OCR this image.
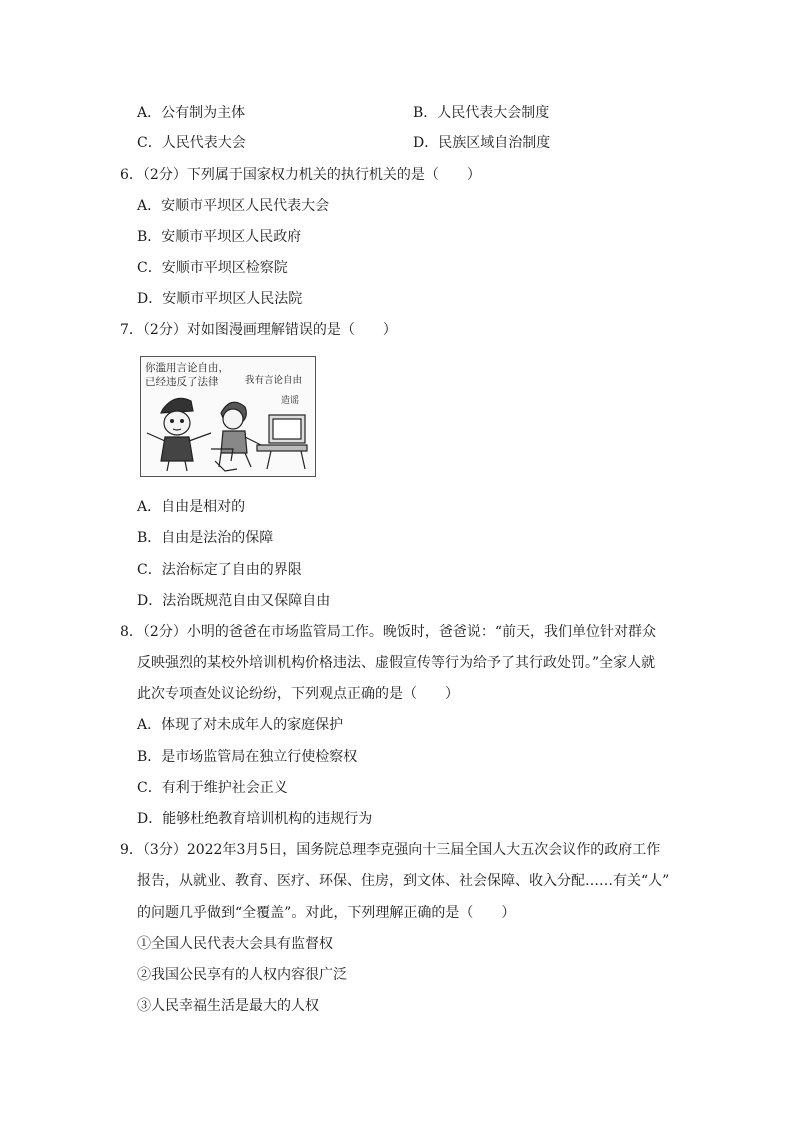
A．公有制为主体	B．人民代表大会制度
C．人民代表大会	D．民族区域自治制度
6．（2分）下列属于国家权力机关的执行机关的是（　　）
A．安顺市平坝区人民代表大会
B．安顺市平坝区人民政府
C．安顺市平坝区检察院
D．安顺市平坝区人民法院
7．（2分）对如图漫画理解错误的是（　　）
你滥用言论自由，
已经违反了法律	我有言论自由
造谣
A．自由是相对的
B．自由是法治的保障
C．法治标定了自由的界限
D．法治既规范自由又保障自由
8．（2分）小明的爸爸在市场监管局工作。晚饭时，爸爸说：“前天，我们单位针对群众
反映强烈的某校外培训机构价格违法、虚假宣传等行为给予了其行政处罚。”全家人就
此次专项查处议论纷纷，下列观点正确的是（　　）
A．体现了对未成年人的家庭保护
B．是市场监管局在独立行使检察权
C．有利于维护社会正义
D．能够杜绝教育培训机构的违规行为
9．（3分）2022年3月5日，国务院总理李克强向十三届全国人大五次会议作的政府工作
报告，从就业、教育、医疗、环保、住房，到文体、社会保障、收入分配……有关“人”
的问题几乎做到“全覆盖”。对此，下列理解正确的是（　　）
①全国人民代表大会具有监督权
②我国公民享有的人权内容很广泛
③人民幸福生活是最大的人权
